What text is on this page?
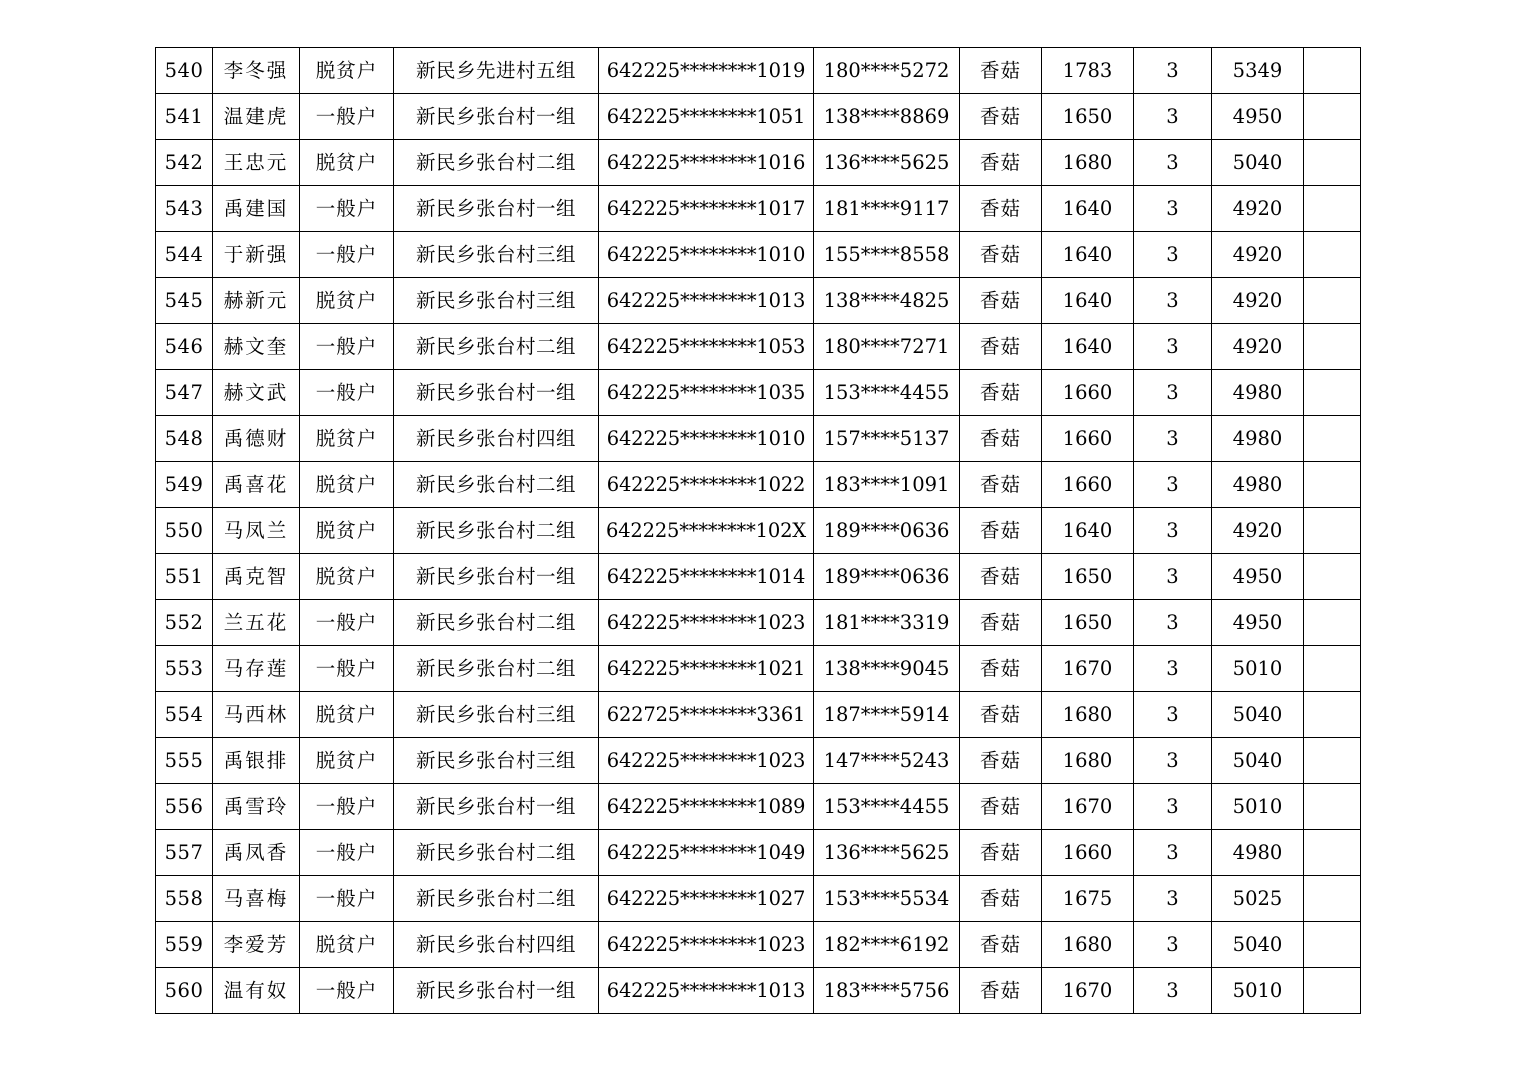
540	李冬强	脱贫户	新民乡先进村五组	642225********1019	180****5272	香菇	1783	3	5349	
541	温建虎	一般户	新民乡张台村一组	642225********1051	138****8869	香菇	1650	3	4950	
542	王忠元	脱贫户	新民乡张台村二组	642225********1016	136****5625	香菇	1680	3	5040	
543	禹建国	一般户	新民乡张台村一组	642225********1017	181****9117	香菇	1640	3	4920	
544	于新强	一般户	新民乡张台村三组	642225********1010	155****8558	香菇	1640	3	4920	
545	赫新元	脱贫户	新民乡张台村三组	642225********1013	138****4825	香菇	1640	3	4920	
546	赫文奎	一般户	新民乡张台村二组	642225********1053	180****7271	香菇	1640	3	4920	
547	赫文武	一般户	新民乡张台村一组	642225********1035	153****4455	香菇	1660	3	4980	
548	禹德财	脱贫户	新民乡张台村四组	642225********1010	157****5137	香菇	1660	3	4980	
549	禹喜花	脱贫户	新民乡张台村二组	642225********1022	183****1091	香菇	1660	3	4980	
550	马凤兰	脱贫户	新民乡张台村二组	642225********102X	189****0636	香菇	1640	3	4920	
551	禹克智	脱贫户	新民乡张台村一组	642225********1014	189****0636	香菇	1650	3	4950	
552	兰五花	一般户	新民乡张台村二组	642225********1023	181****3319	香菇	1650	3	4950	
553	马存莲	一般户	新民乡张台村二组	642225********1021	138****9045	香菇	1670	3	5010	
554	马西林	脱贫户	新民乡张台村三组	622725********3361	187****5914	香菇	1680	3	5040	
555	禹银排	脱贫户	新民乡张台村三组	642225********1023	147****5243	香菇	1680	3	5040	
556	禹雪玲	一般户	新民乡张台村一组	642225********1089	153****4455	香菇	1670	3	5010	
557	禹凤香	一般户	新民乡张台村二组	642225********1049	136****5625	香菇	1660	3	4980	
558	马喜梅	一般户	新民乡张台村二组	642225********1027	153****5534	香菇	1675	3	5025	
559	李爱芳	脱贫户	新民乡张台村四组	642225********1023	182****6192	香菇	1680	3	5040	
560	温有奴	一般户	新民乡张台村一组	642225********1013	183****5756	香菇	1670	3	5010	
